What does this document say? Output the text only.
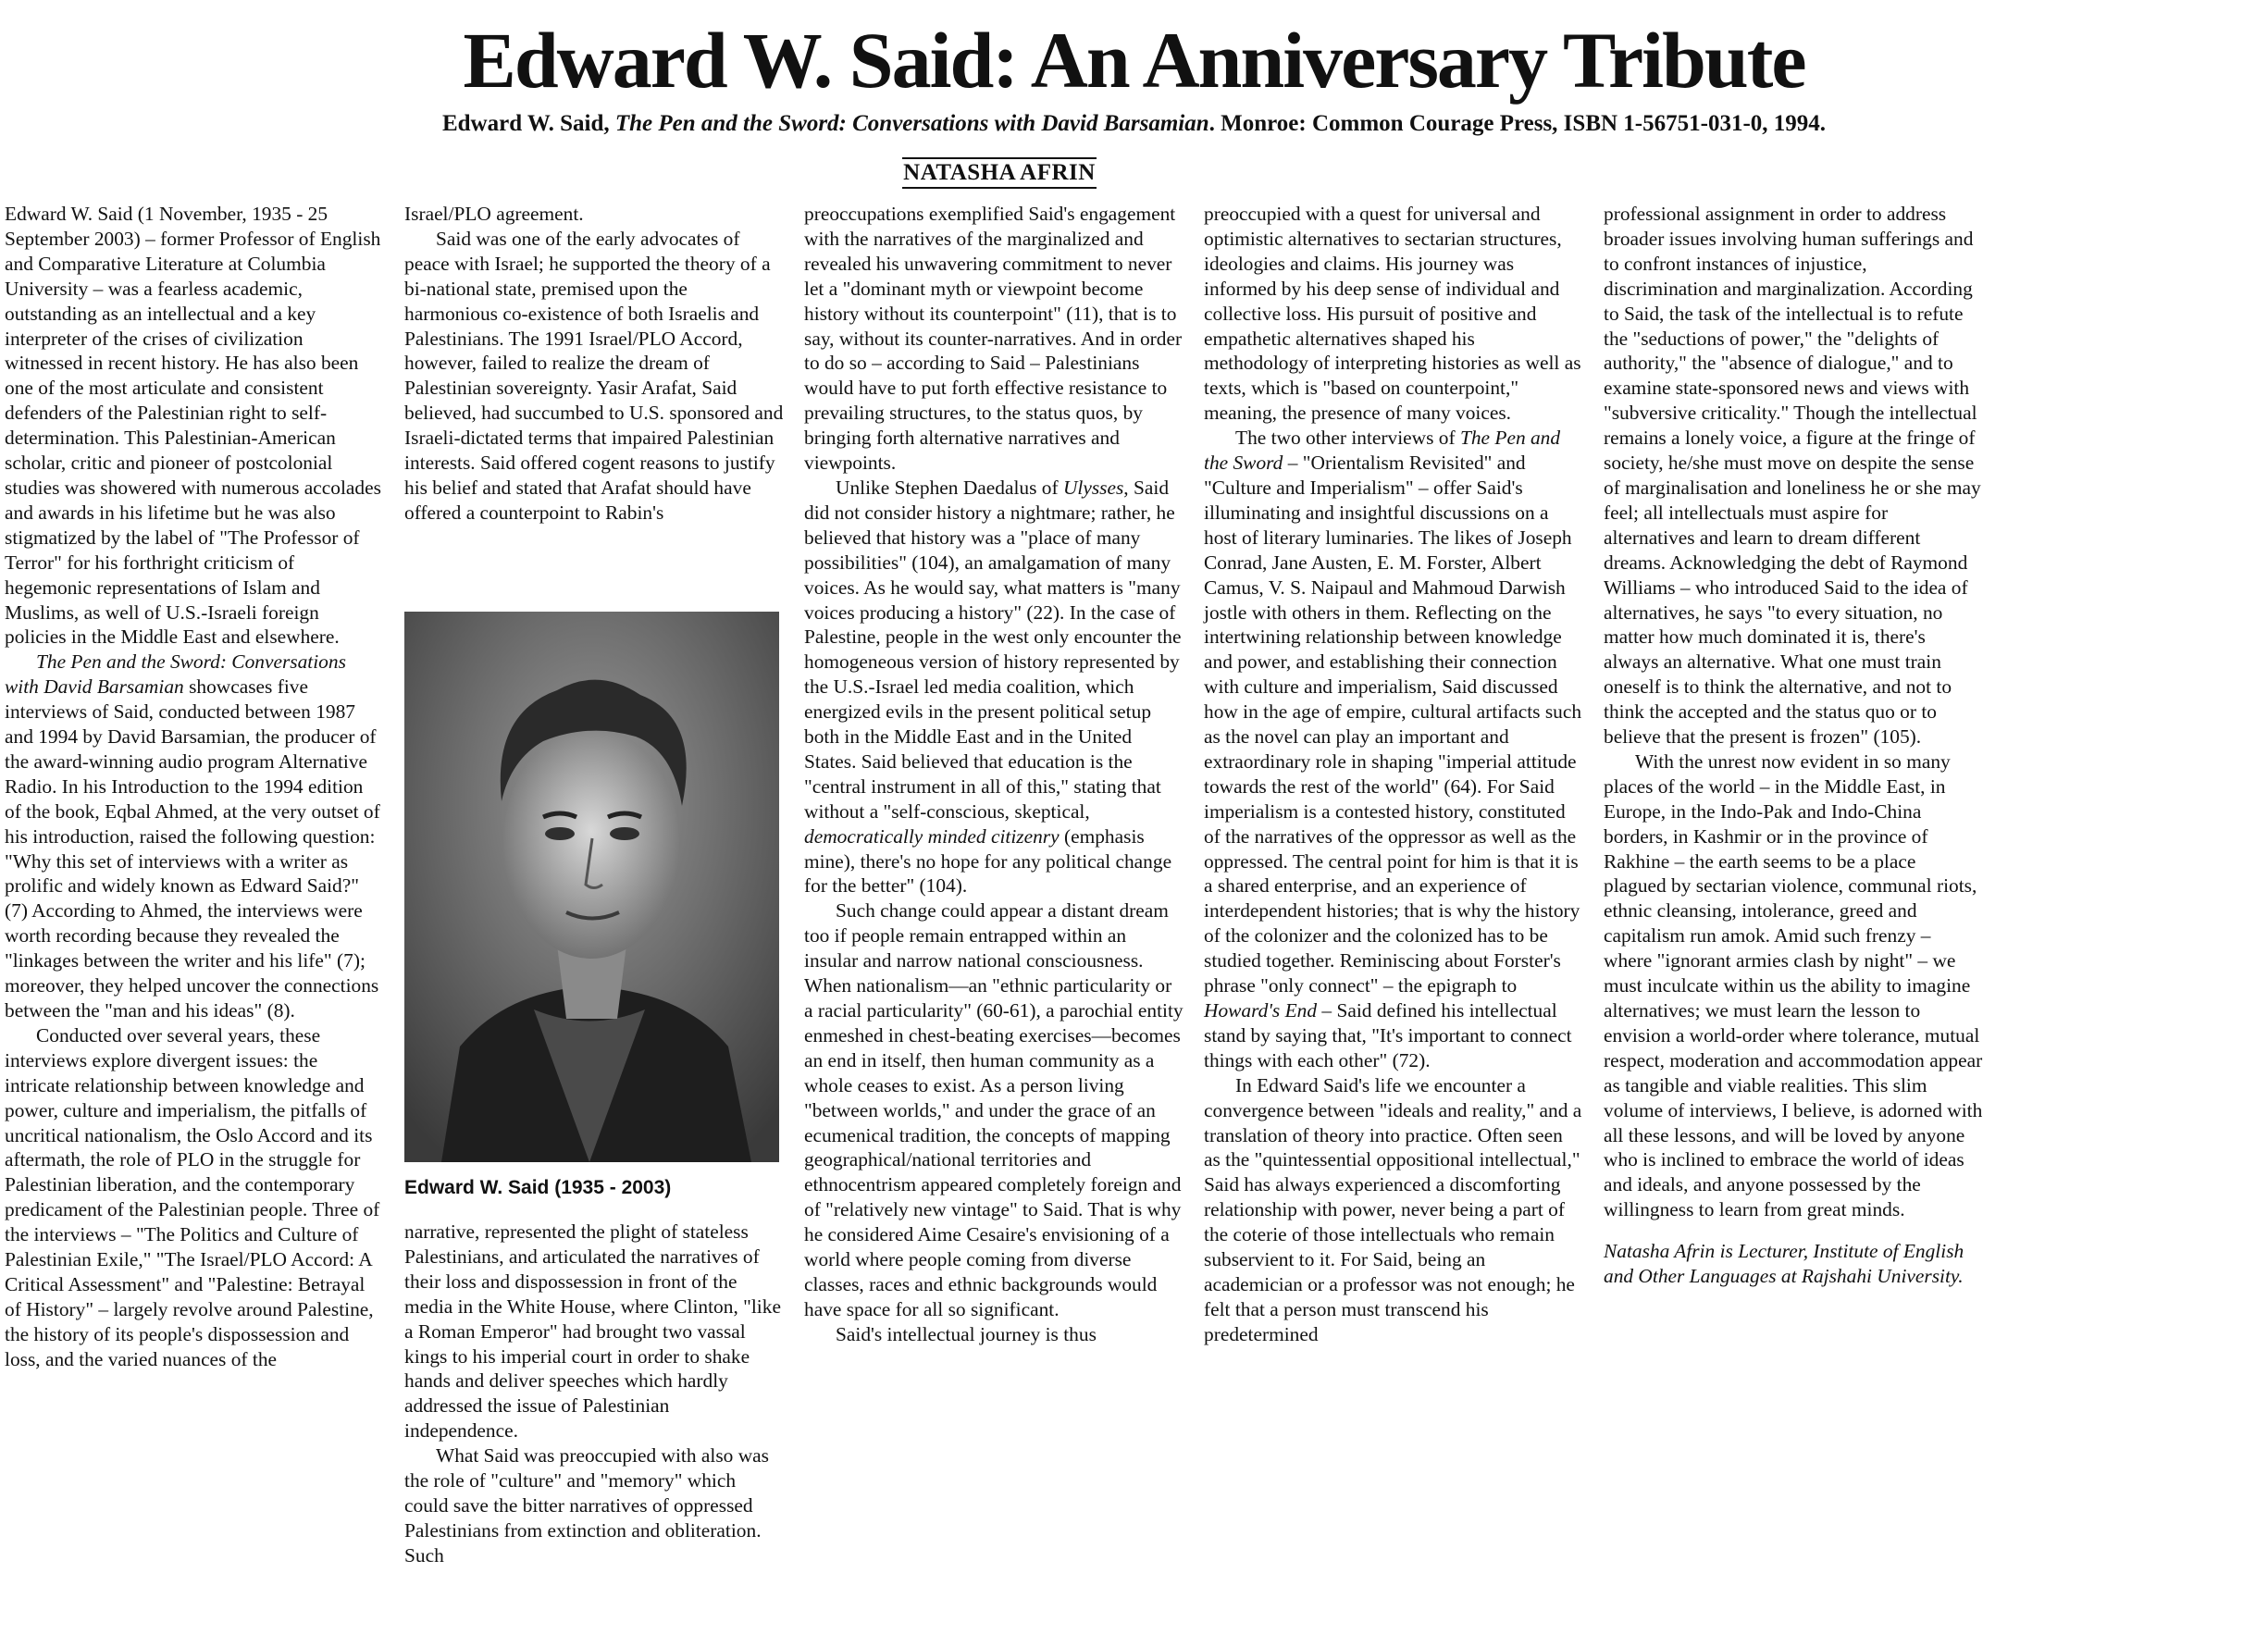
Edward W. Said: An Anniversary Tribute

Edward W. Said, The Pen and the Sword: Conversations with David Barsamian. Monroe: Common Courage Press, ISBN 1-56751-031-0, 1994.

NATASHA AFRIN

Edward W. Said (1 November, 1935 - 25 September 2003) – former Professor of English and Comparative Literature at Columbia University – was a fearless academic, outstanding as an intellectual and a key interpreter of the crises of civilization witnessed in recent history. He has also been one of the most articulate and consistent defenders of the Palestinian right to self-determination. This Palestinian-American scholar, critic and pioneer of postcolonial studies was showered with numerous accolades and awards in his lifetime but he was also stigmatized by the label of "The Professor of Terror" for his forthright criticism of hegemonic representations of Islam and Muslims, as well of U.S.-Israeli foreign policies in the Middle East and elsewhere.

The Pen and the Sword: Conversations with David Barsamian showcases five interviews of Said, conducted between 1987 and 1994 by David Barsamian, the producer of the award-winning audio program Alternative Radio. In his Introduction to the 1994 edition of the book, Eqbal Ahmed, at the very outset of his introduction, raised the following question: "Why this set of interviews with a writer as prolific and widely known as Edward Said?" (7) According to Ahmed, the interviews were worth recording because they revealed the "linkages between the writer and his life" (7); moreover, they helped uncover the connections between the "man and his ideas" (8).

Conducted over several years, these interviews explore divergent issues: the intricate relationship between knowledge and power, culture and imperialism, the pitfalls of uncritical nationalism, the Oslo Accord and its aftermath, the role of PLO in the struggle for Palestinian liberation, and the contemporary predicament of the Palestinian people. Three of the interviews – "The Politics and Culture of Palestinian Exile," "The Israel/PLO Accord: A Critical Assessment" and "Palestine: Betrayal of History" – largely revolve around Palestine, the history of its people's dispossession and loss, and the varied nuances of the

Israel/PLO agreement.

Said was one of the early advocates of peace with Israel; he supported the theory of a bi-national state, premised upon the harmonious co-existence of both Israelis and Palestinians. The 1991 Israel/PLO Accord, however, failed to realize the dream of Palestinian sovereignty. Yasir Arafat, Said believed, had succumbed to U.S. sponsored and Israeli-dictated terms that impaired Palestinian interests. Said offered cogent reasons to justify his belief and stated that Arafat should have offered a counterpoint to Rabin's

Edward W. Said (1935 - 2003)

narrative, represented the plight of stateless Palestinians, and articulated the narratives of their loss and dispossession in front of the media in the White House, where Clinton, "like a Roman Emperor" had brought two vassal kings to his imperial court in order to shake hands and deliver speeches which hardly addressed the issue of Palestinian independence.

What Said was preoccupied with also was the role of "culture" and "memory" which could save the bitter narratives of oppressed Palestinians from extinction and obliteration. Such

preoccupations exemplified Said's engagement with the narratives of the marginalized and revealed his unwavering commitment to never let a "dominant myth or viewpoint become history without its counterpoint" (11), that is to say, without its counter-narratives. And in order to do so – according to Said – Palestinians would have to put forth effective resistance to prevailing structures, to the status quos, by bringing forth alternative narratives and viewpoints.

Unlike Stephen Daedalus of Ulysses, Said did not consider history a nightmare; rather, he believed that history was a "place of many possibilities" (104), an amalgamation of many voices. As he would say, what matters is "many voices producing a history" (22). In the case of Palestine, people in the west only encounter the homogeneous version of history represented by the U.S.-Israel led media coalition, which energized evils in the present political setup both in the Middle East and in the United States. Said believed that education is the "central instrument in all of this," stating that without a "self-conscious, skeptical, democratically minded citizenry (emphasis mine), there's no hope for any political change for the better" (104).

Such change could appear a distant dream too if people remain entrapped within an insular and narrow national consciousness. When nationalism—an "ethnic particularity or a racial particularity" (60-61), a parochial entity enmeshed in chest-beating exercises—becomes an end in itself, then human community as a whole ceases to exist. As a person living "between worlds," and under the grace of an ecumenical tradition, the concepts of mapping geographical/national territories and ethnocentrism appeared completely foreign and of "relatively new vintage" to Said. That is why he considered Aime Cesaire's envisioning of a world where people coming from diverse classes, races and ethnic backgrounds would have space for all so significant.

Said's intellectual journey is thus

preoccupied with a quest for universal and optimistic alternatives to sectarian structures, ideologies and claims. His journey was informed by his deep sense of individual and collective loss. His pursuit of positive and empathetic alternatives shaped his methodology of interpreting histories as well as texts, which is "based on counterpoint," meaning, the presence of many voices.

The two other interviews of The Pen and the Sword – "Orientalism Revisited" and "Culture and Imperialism" – offer Said's illuminating and insightful discussions on a host of literary luminaries. The likes of Joseph Conrad, Jane Austen, E. M. Forster, Albert Camus, V. S. Naipaul and Mahmoud Darwish jostle with others in them. Reflecting on the intertwining relationship between knowledge and power, and establishing their connection with culture and imperialism, Said discussed how in the age of empire, cultural artifacts such as the novel can play an important and extraordinary role in shaping "imperial attitude towards the rest of the world" (64). For Said imperialism is a contested history, constituted of the narratives of the oppressor as well as the oppressed. The central point for him is that it is a shared enterprise, and an experience of interdependent histories; that is why the history of the colonizer and the colonized has to be studied together. Reminiscing about Forster's phrase "only connect" – the epigraph to Howard's End – Said defined his intellectual stand by saying that, "It's important to connect things with each other" (72).

In Edward Said's life we encounter a convergence between "ideals and reality," and a translation of theory into practice. Often seen as the "quintessential oppositional intellectual," Said has always experienced a discomforting relationship with power, never being a part of the coterie of those intellectuals who remain subservient to it. For Said, being an academician or a professor was not enough; he felt that a person must transcend his predetermined

professional assignment in order to address broader issues involving human sufferings and to confront instances of injustice, discrimination and marginalization. According to Said, the task of the intellectual is to refute the "seductions of power," the "delights of authority," the "absence of dialogue," and to examine state-sponsored news and views with "subversive criticality." Though the intellectual remains a lonely voice, a figure at the fringe of society, he/she must move on despite the sense of marginalisation and loneliness he or she may feel; all intellectuals must aspire for alternatives and learn to dream different dreams. Acknowledging the debt of Raymond Williams – who introduced Said to the idea of alternatives, he says "to every situation, no matter how much dominated it is, there's always an alternative. What one must train oneself is to think the alternative, and not to think the accepted and the status quo or to believe that the present is frozen" (105).

With the unrest now evident in so many places of the world – in the Middle East, in Europe, in the Indo-Pak and Indo-China borders, in Kashmir or in the province of Rakhine – the earth seems to be a place plagued by sectarian violence, communal riots, ethnic cleansing, intolerance, greed and capitalism run amok. Amid such frenzy – where "ignorant armies clash by night" – we must inculcate within us the ability to imagine alternatives; we must learn the lesson to envision a world-order where tolerance, mutual respect, moderation and accommodation appear as tangible and viable realities. This slim volume of interviews, I believe, is adorned with all these lessons, and will be loved by anyone who is inclined to embrace the world of ideas and ideals, and anyone possessed by the willingness to learn from great minds.

Natasha Afrin is Lecturer, Institute of English and Other Languages at Rajshahi University.
